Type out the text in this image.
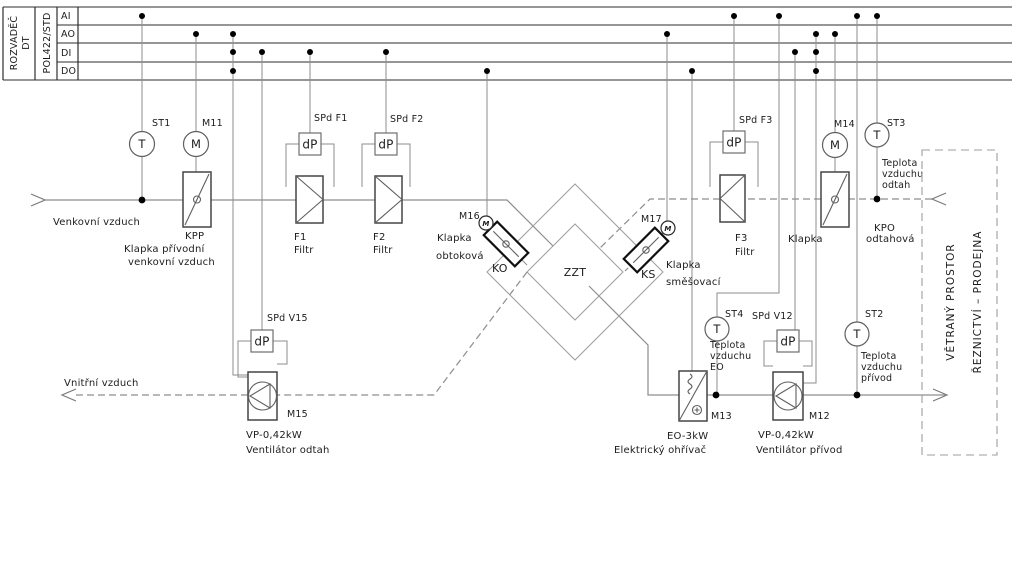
ROZVADĚČ DT POL422/STD AI
AO
DI
DO
ZZT
M
M16
Klapka
obtoková
KO
M
M17
Klapka
směšovací
KS
T
ST1
M
M11
KPP
Klapka přívodní
venkovní vzduch
Venkovní vzduch
dP
SPd F1
F1
Filtr
dP
SPd F2
F2
Filtr
dP
SPd F3
F3
Filtr
M
M14
Klapka
KPO
odtahová
T
ST3
Teplota
vzduchu
odtah
dP
SPd V15
M15
VP-0,42kW
Ventilátor odtah
Vnitřní vzduch
T
ST4
Teplota
vzduchu
EO
M13
EO-3kW
Elektrický ohřívač
dP
SPd V12
M12
VP-0,42kW
Ventilátor přívod
T
ST2
Teplota
vzduchu
přívod
VĚTRANÝ PROSTOR ŘEZNICTVÍ – PRODEJNA
